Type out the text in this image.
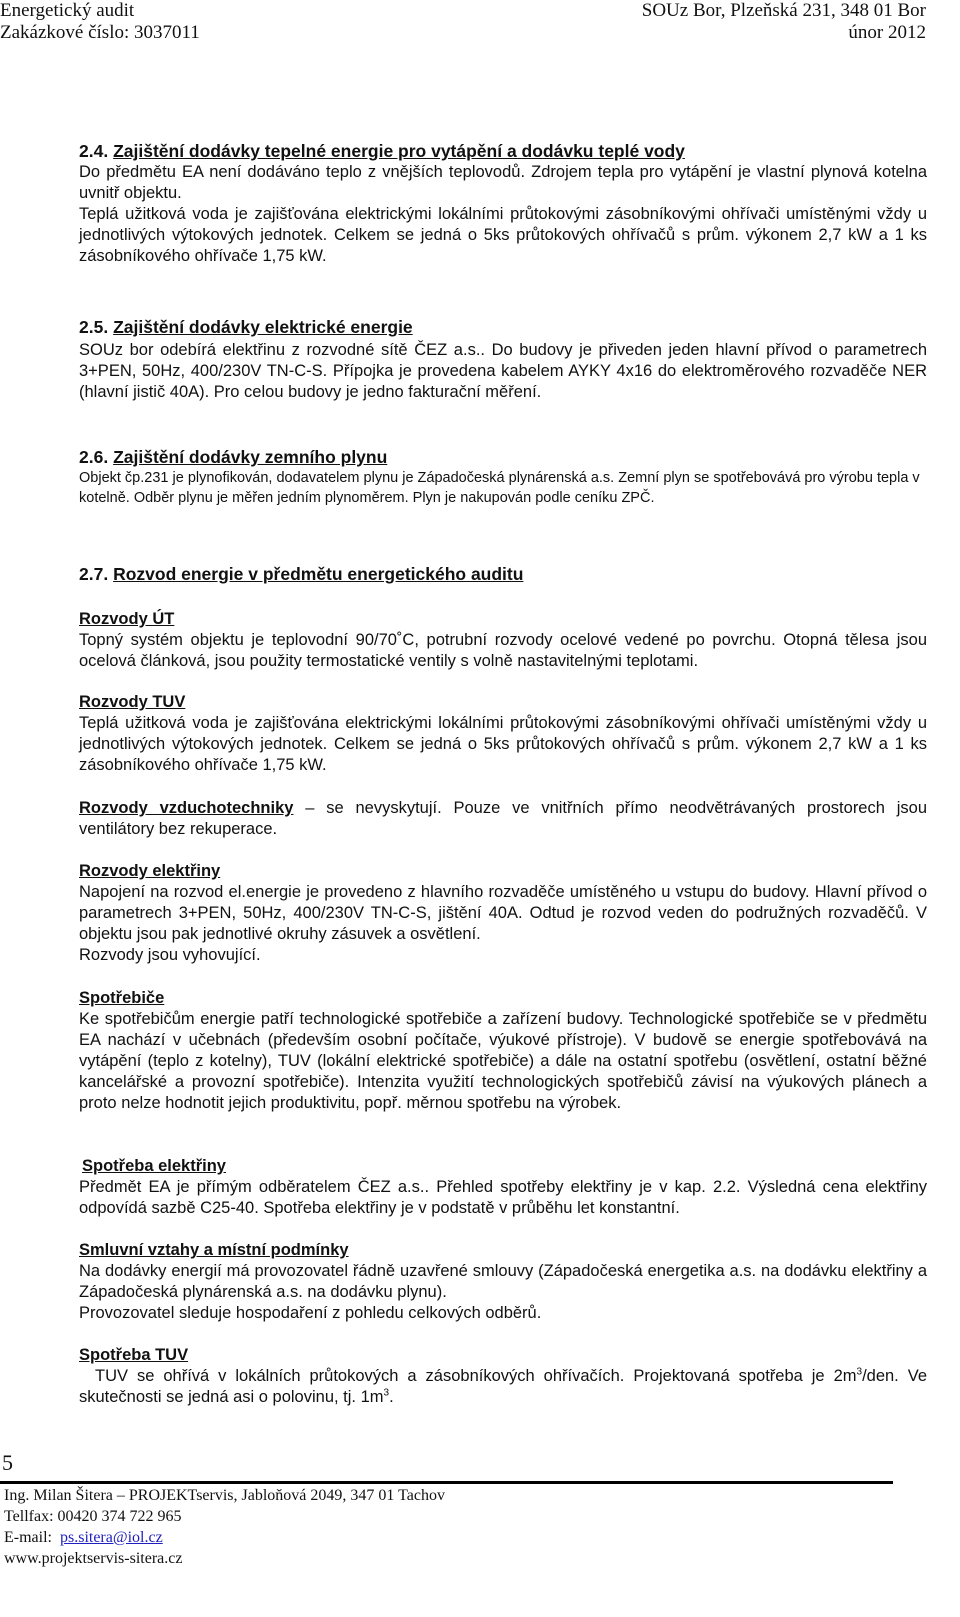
Energetický audit	SOUz Bor, Plzeňská 231, 348 01 Bor
Zakázkové číslo: 3037011	únor 2012

2.4. Zajištění dodávky tepelné energie pro vytápění a dodávku teplé vody

Do předmětu EA není dodáváno teplo z vnějších teplovodů. Zdrojem tepla pro vytápění je vlastní plynová kotelna uvnitř objektu.

Teplá užitková voda je zajišťována elektrickými lokálními průtokovými zásobníkovými ohřívači umístěnými vždy u jednotlivých výtokových jednotek. Celkem se jedná o 5ks průtokových ohřívačů s prům. výkonem 2,7 kW a 1 ks zásobníkového ohřívače 1,75 kW.

2.5. Zajištění dodávky elektrické energie

SOUz bor odebírá elektřinu z rozvodné sítě ČEZ a.s.. Do budovy je přiveden jeden hlavní přívod o parametrech 3+PEN, 50Hz, 400/230V TN-C-S. Přípojka je provedena kabelem AYKY 4x16 do elektroměrového rozvaděče NER (hlavní jistič 40A). Pro celou budovy je jedno fakturační měření.

2.6. Zajištění dodávky zemního plynu

Objekt čp.231 je plynofikován, dodavatelem plynu je Západočeská plynárenská a.s. Zemní plyn se spotřebovává pro výrobu tepla v kotelně. Odběr plynu je měřen jedním plynoměrem. Plyn je nakupován podle ceníku ZPČ.

2.7. Rozvod energie v předmětu energetického auditu

Rozvody ÚT

Topný systém objektu je teplovodní 90/70˚C, potrubní rozvody ocelové vedené po povrchu. Otopná tělesa jsou ocelová článková, jsou použity termostatické ventily s volně nastavitelnými teplotami.

Rozvody TUV

Teplá užitková voda je zajišťována elektrickými lokálními průtokovými zásobníkovými ohřívači umístěnými vždy u jednotlivých výtokových jednotek. Celkem se jedná o 5ks průtokových ohřívačů s prům. výkonem 2,7 kW a 1 ks zásobníkového ohřívače 1,75 kW.

Rozvody vzduchotechniky – se nevyskytují. Pouze ve vnitřních přímo neodvětrávaných prostorech jsou ventilátory bez rekuperace.

Rozvody elektřiny

Napojení na rozvod el.energie je provedeno z hlavního rozvaděče umístěného u vstupu do budovy. Hlavní přívod o parametrech 3+PEN, 50Hz, 400/230V TN-C-S, jištění 40A. Odtud je rozvod veden do podružných rozvaděčů. V objektu jsou pak jednotlivé okruhy zásuvek a osvětlení.

Rozvody jsou vyhovující.

Spotřebiče

Ke spotřebičům energie patří technologické spotřebiče a zařízení budovy. Technologické spotřebiče se v předmětu EA nachází v učebnách (především osobní počítače, výukové přístroje). V budově se energie spotřebovává na vytápění (teplo z kotelny), TUV (lokální elektrické spotřebiče) a dále na ostatní spotřebu (osvětlení, ostatní běžné kancelářské a provozní spotřebiče). Intenzita využití technologických spotřebičů závisí na výukových plánech a proto nelze hodnotit jejich produktivitu, popř. měrnou spotřebu na výrobek.

Spotřeba elektřiny

Předmět EA je přímým odběratelem ČEZ a.s.. Přehled spotřeby elektřiny je v kap. 2.2. Výsledná cena elektřiny odpovídá sazbě C25-40. Spotřeba elektřiny je v podstatě v průběhu let konstantní.

Smluvní vztahy a místní podmínky

Na dodávky energií má provozovatel řádně uzavřené smlouvy (Západočeská energetika a.s. na dodávku elektřiny a Západočeská plynárenská a.s. na dodávku plynu).

Provozovatel sleduje hospodaření z pohledu celkových odběrů.

Spotřeba TUV

TUV se ohřívá v lokálních průtokových a zásobníkových ohřívačích. Projektovaná spotřeba je $2m^3$/den. Ve skutečnosti se jedná asi o polovinu, tj. $1m^3$.

5
Ing. Milan Šitera – PROJEKTservis, Jabloňová 2049, 347 01 Tachov
Tellfax: 00420 374 722 965
E-mail:  ps.sitera@iol.cz
www.projektservis-sitera.cz
